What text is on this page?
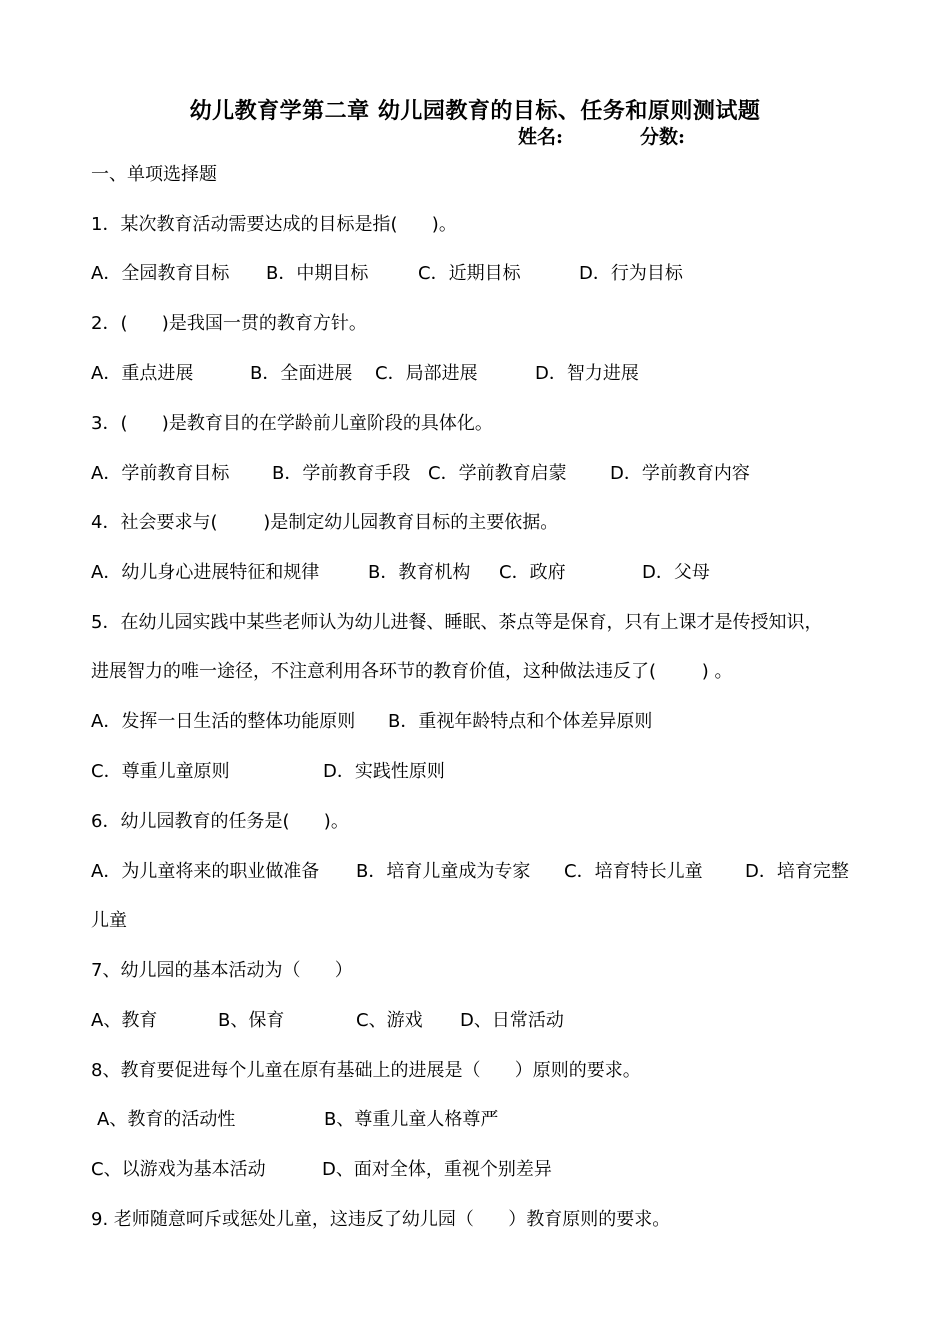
幼儿教育学第二章 幼儿园教育的目标、任务和原则测试题
姓名:	分数:
一、单项选择题
1．某次教育活动需要达成的目标是指(      )。

A．全园教育目标

B．中期目标

	C．近期目标

	D．行为目标

2．(      )是我国一贯的教育方针。

A．重点进展

	B．全面进展

C．局部进展

	D．智力进展

3．(      )是教育目的在学龄前儿童阶段的具体化。

A．学前教育目标

B．学前教育手段

C．学前教育启蒙

D．学前教育内容

4．社会要求与(        )是制定幼儿园教育目标的主要依据。

A．幼儿身心进展特征和规律

	B．教育机构

C．政府

	D．父母

5．在幼儿园实践中某些老师认为幼儿进餐、睡眠、茶点等是保育，只有上课才是传授知识，
进展智力的唯一途径，不注意利用各环节的教育价值，这种做法违反了(        ) 。

A．发挥一日生活的整体功能原则

B．重视年龄特点和个体差异原则

C．尊重儿童原则

	D．实践性原则

6．幼儿园教育的任务是(      )。

A．为儿童将来的职业做准备

B．培育儿童成为专家

C．培育特长儿童

D．培育完整

儿童
7、幼儿园的基本活动为（      ）

A、教育

	B、保育

	C、游戏

D、日常活动

8、教育要促进每个儿童在原有基础上的进展是（      ）原则的要求。

A、教育的活动性

	B、尊重儿童人格尊严

C、以游戏为基本活动

	D、面对全体，重视个别差异

9. 老师随意呵斥或惩处儿童，这违反了幼儿园（      ）教育原则的要求。
